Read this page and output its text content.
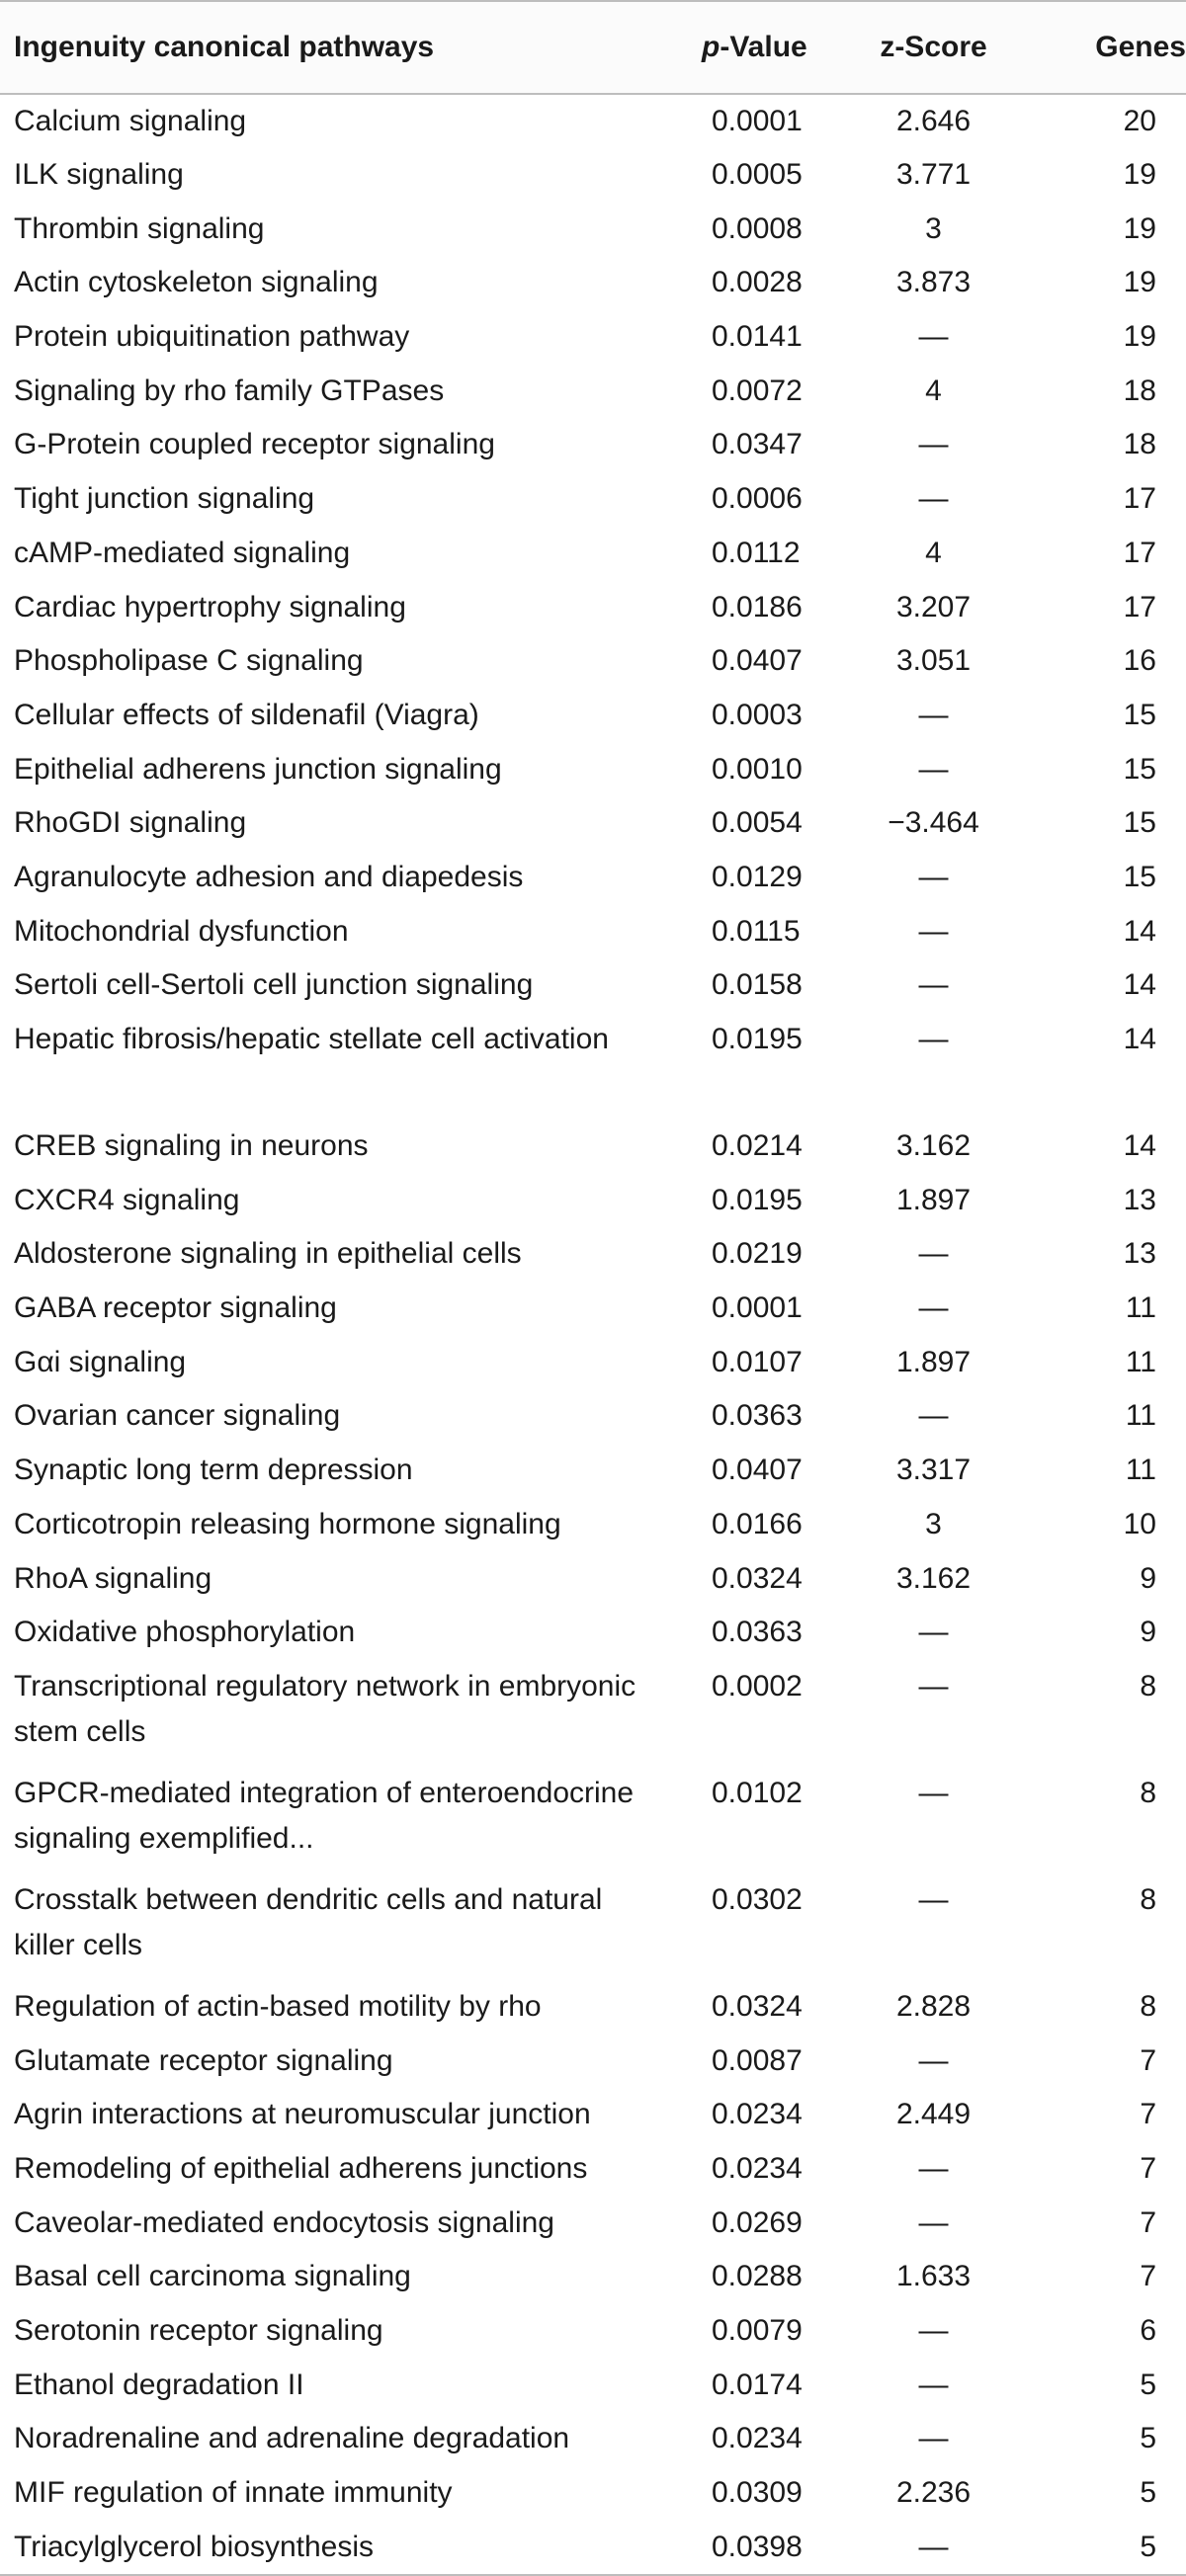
Ingenuity canonical pathways	p-Value	z-Score	Genes
Calcium signaling	0.0001	2.646	20
ILK signaling	0.0005	3.771	19
Thrombin signaling	0.0008	3	19
Actin cytoskeleton signaling	0.0028	3.873	19
Protein ubiquitination pathway	0.0141	—	19
Signaling by rho family GTPases	0.0072	4	18
G-Protein coupled receptor signaling	0.0347	—	18
Tight junction signaling	0.0006	—	17
cAMP-mediated signaling	0.0112	4	17
Cardiac hypertrophy signaling	0.0186	3.207	17
Phospholipase C signaling	0.0407	3.051	16
Cellular effects of sildenafil (Viagra)	0.0003	—	15
Epithelial adherens junction signaling	0.0010	—	15
RhoGDI signaling	0.0054	−3.464	15
Agranulocyte adhesion and diapedesis	0.0129	—	15
Mitochondrial dysfunction	0.0115	—	14
Sertoli cell-Sertoli cell junction signaling	0.0158	—	14
Hepatic fibrosis/hepatic stellate cell activation	0.0195	—	14
CREB signaling in neurons	0.0214	3.162	14
CXCR4 signaling	0.0195	1.897	13
Aldosterone signaling in epithelial cells	0.0219	—	13
GABA receptor signaling	0.0001	—	11
Gαi signaling	0.0107	1.897	11
Ovarian cancer signaling	0.0363	—	11
Synaptic long term depression	0.0407	3.317	11
Corticotropin releasing hormone signaling	0.0166	3	10
RhoA signaling	0.0324	3.162	9
Oxidative phosphorylation	0.0363	—	9
Transcriptional regulatory network in embryonic stem cells	0.0002	—	8
GPCR-mediated integration of enteroendocrine signaling exemplified...	0.0102	—	8
Crosstalk between dendritic cells and natural killer cells	0.0302	—	8
Regulation of actin-based motility by rho	0.0324	2.828	8
Glutamate receptor signaling	0.0087	—	7
Agrin interactions at neuromuscular junction	0.0234	2.449	7
Remodeling of epithelial adherens junctions	0.0234	—	7
Caveolar-mediated endocytosis signaling	0.0269	—	7
Basal cell carcinoma signaling	0.0288	1.633	7
Serotonin receptor signaling	0.0079	—	6
Ethanol degradation II	0.0174	—	5
Noradrenaline and adrenaline degradation	0.0234	—	5
MIF regulation of innate immunity	0.0309	2.236	5
Triacylglycerol biosynthesis	0.0398	—	5
